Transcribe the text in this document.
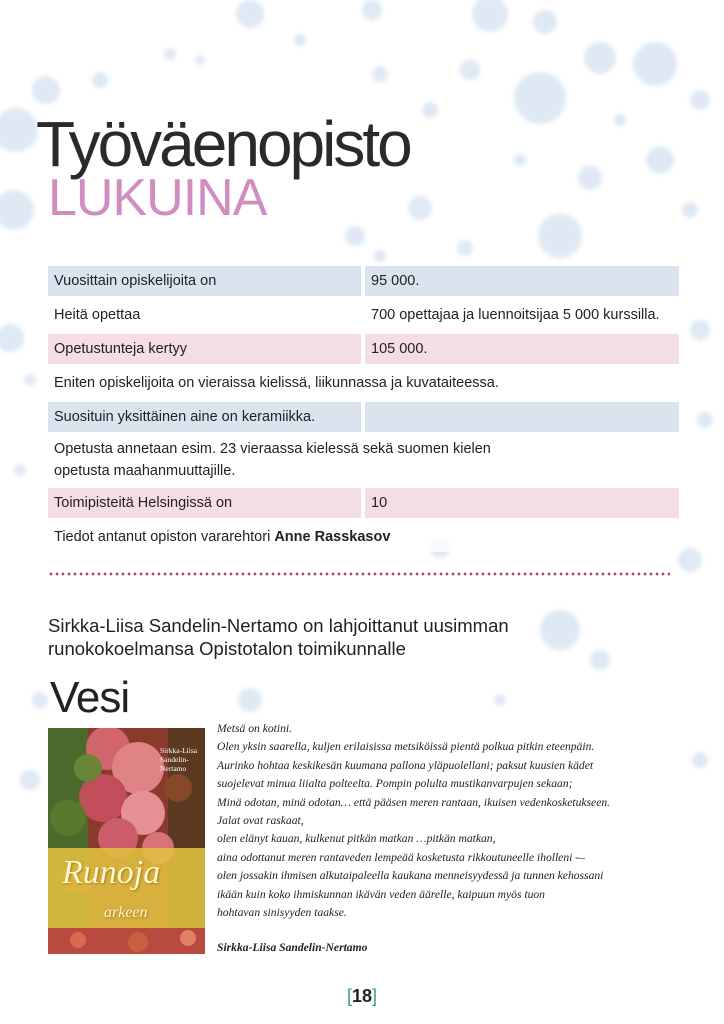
Työväenopisto
LUKUINA
Vuosittain opiskelijoita on	95 000.
Heitä opettaa	700 opettajaa ja luennoitsijaa 5 000 kurssilla.
Opetustunteja kertyy	105 000.
Eniten opiskelijoita on vieraissa kielissä, liikunnassa ja kuvataiteessa.
Suosituin yksittäinen aine on keramiikka.
Opetusta annetaan esim. 23 vieraassa kielessä sekä suomen kielen
opetusta maahanmuuttajille.
Toimipisteitä Helsingissä on	10
Tiedot antanut opiston vararehtori Anne Rasskasov
Sirkka-Liisa Sandelin-Nertamo on lahjoittanut uusimman
runokokoelmansa Opistotalon toimikunnalle
Vesi
Sirkka-Liisa
Sandelin-
Nertamo
Runoja
arkeen
Metsä on kotini.
Olen yksin saarella, kuljen erilaisissa metsiköissä pientä polkua pitkin eteenpäin.
Aurinko hohtaa keskikesän kuumana pallona yläpuolellani; paksut kuusien kädet
suojelevat minua liialta polteelta. Pompin polulta mustikanvarpujen sekaan;
Minä odotan, minä odotan… että pääsen meren rantaan, ikuisen vedenkosketukseen.
Jalat ovat raskaat,
olen elänyt kauan, kulkenut pitkän matkan …pitkän matkan,
aina odottanut meren rantaveden lempeää kosketusta rikkoutuneelle iholleni -–
olen jossakin ihmisen alkutaipaleella kaukana menneisyydessä ja tunnen kehossani
ikään kuin koko ihmiskunnan ikävän veden äärelle, kaipuun myös tuon
hohtavan sinisyyden taakse.
Sirkka-Liisa Sandelin-Nertamo
[18]
